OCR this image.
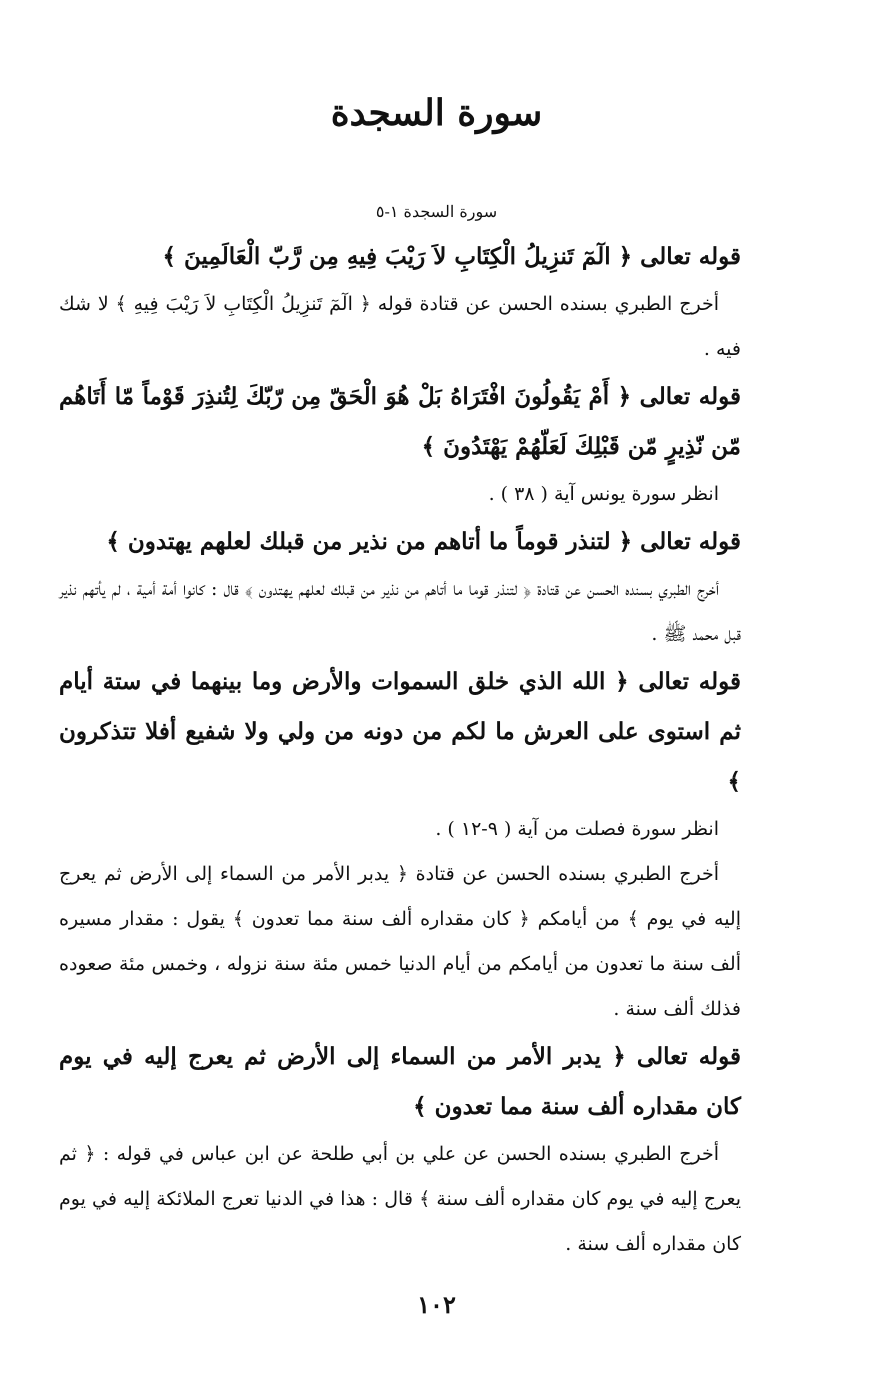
سورة السجدة
سورة السجدة ١-٥

قوله تعالى ﴿ الٓمٓ تَنزِيلُ الْكِتَابِ لاَ رَيْبَ فِيهِ مِن رَّبّ الْعَالَمِينَ ﴾

أخرج الطبري بسنده الحسن عن قتادة قوله ﴿ الٓمٓ تَنزِيلُ الْكِتَابِ لاَ رَيْبَ فِيهِ ﴾ لا شك فيه .

قوله تعالى ﴿ أَمْ يَقُولُونَ افْتَرَاهُ بَلْ هُوَ الْحَقّ مِن رّبّكَ لِتُنذِرَ قَوْماً مّا أَتَاهُم مّن نّذِيرٍ مّن قَبْلِكَ لَعَلّهُمْ يَهْتَدُونَ ﴾

انظر سورة يونس آية ( ٣٨ ) .

قوله تعالى ﴿ لتنذر قوماً ما أتاهم من نذير من قبلك لعلهم يهتدون ﴾

أخرج الطبري بسنده الحسن عن قتادة ﴿ لتنذر قوما ما أتاهم من نذير من قبلك لعلهم يهتدون ﴾ قال : كانوا أمة أمية ، لم يأتهم نذير قبل محمد ﷺ .

قوله تعالى ﴿ الله الذي خلق السموات والأرض وما بينهما في ستة أيام ثم استوى على العرش ما لكم من دونه من ولي ولا شفيع أفلا تتذكرون ﴾

انظر سورة فصلت من آية ( ٩-١٢ ) .

أخرج الطبري بسنده الحسن عن قتادة ﴿ يدبر الأمر من السماء إلى الأرض ثم يعرج إليه في يوم ﴾ من أيامكم ﴿ كان مقداره ألف سنة مما تعدون ﴾ يقول : مقدار مسيره ألف سنة ما تعدون من أيامكم من أيام الدنيا خمس مئة سنة نزوله ، وخمس مئة صعوده فذلك ألف سنة .

قوله تعالى ﴿ يدبر الأمر من السماء إلى الأرض ثم يعرج إليه في يوم كان مقداره ألف سنة مما تعدون ﴾

أخرج الطبري بسنده الحسن عن علي بن أبي طلحة عن ابن عباس في قوله : ﴿ ثم يعرج إليه في يوم كان مقداره ألف سنة ﴾ قال : هذا في الدنيا تعرج الملائكة إليه في يوم كان مقداره ألف سنة .

١٠٢
